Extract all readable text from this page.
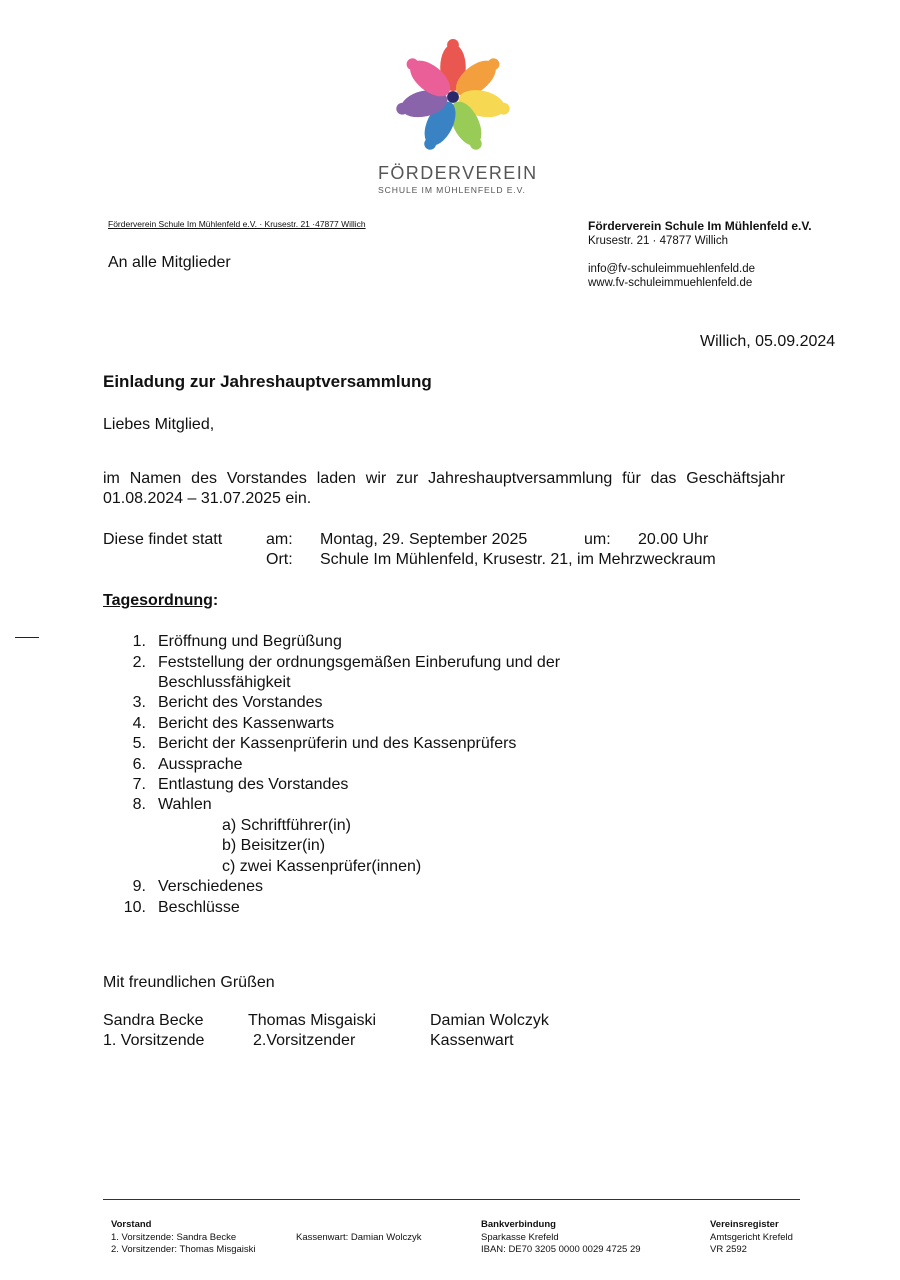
FÖRDERVEREIN
SCHULE IM MÜHLENFELD E.V.
Förderverein Schule Im Mühlenfeld e.V. · Krusestr. 21 ·47877 Willich
An alle Mitglieder
Förderverein Schule Im Mühlenfeld e.V.
Krusestr. 21 · 47877 Willich
info@fv-schuleimmuehlenfeld.de
www.fv-schuleimmuehlenfeld.de
Willich, 05.09.2024
Einladung zur Jahreshauptversammlung
Liebes Mitglied,
im Namen des Vorstandes laden wir zur Jahreshauptversammlung für das Geschäftsjahr 01.08.2024 – 31.07.2025 ein.
Diese findet statt	am: Montag, 29. September 2025	um: 20.00 Uhr
Ort: Schule Im Mühlenfeld, Krusestr. 21, im Mehrzweckraum
Tagesordnung:
1. Eröffnung und Begrüßung
2. Feststellung der ordnungsgemäßen Einberufung und der
Beschlussfähigkeit
3. Bericht des Vorstandes
4. Bericht des Kassenwarts
5. Bericht der Kassenprüferin und des Kassenprüfers
6. Aussprache
7. Entlastung des Vorstandes
8. Wahlen
a) Schriftführer(in)
b) Beisitzer(in)
c) zwei Kassenprüfer(innen)
9. Verschiedenes
10. Beschlüsse
Mit freundlichen Grüßen
Sandra Becke
1. Vorsitzende
Thomas Misgaiski
2.Vorsitzender
Damian Wolczyk
Kassenwart
Vorstand
1. Vorsitzende: Sandra Becke
2. Vorsitzender: Thomas Misgaiski
Kassenwart: Damian Wolczyk
Bankverbindung
Sparkasse Krefeld
IBAN: DE70 3205 0000 0029 4725 29
Vereinsregister
Amtsgericht Krefeld
VR 2592
